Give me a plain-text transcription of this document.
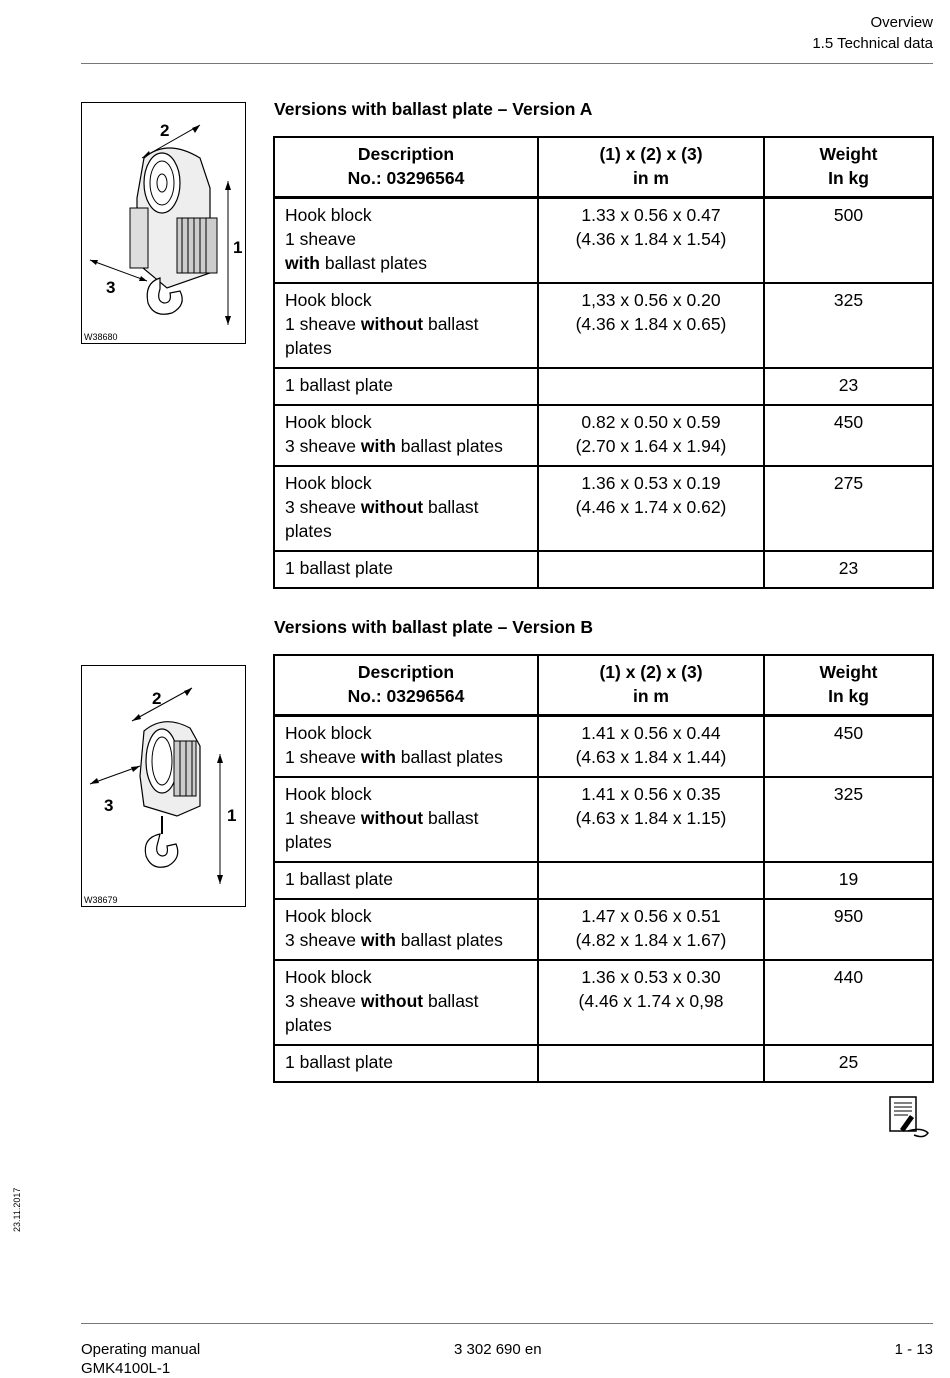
Overview
1.5 Technical data
2
1
3
W38680
Versions with ballast plate – Version A
Description
No.: 03296564	(1) x (2) x (3)
in m	Weight
In kg

Hook block
1 sheave
with ballast plates	1.33 x 0.56 x 0.47
(4.36 x 1.84 x 1.54)	500

Hook block
1 sheave without ballast
plates	1,33 x 0.56 x 0.20
(4.36 x 1.84 x 0.65)	325
1 ballast plate		23

Hook block
3 sheave with ballast plates	0.82 x 0.50 x 0.59
(2.70 x 1.64 x 1.94)	450

Hook block
3 sheave without ballast
plates	1.36 x 0.53 x 0.19
(4.46 x 1.74 x 0.62)	275
1 ballast plate		23
Versions with ballast plate – Version B
2
1
3
W38679
Description
No.: 03296564	(1) x (2) x (3)
in m	Weight
In kg

Hook block
1 sheave with ballast plates	1.41 x 0.56 x 0.44
(4.63 x 1.84 x 1.44)	450

Hook block
1 sheave without ballast
plates	1.41 x 0.56 x 0.35
(4.63 x 1.84 x 1.15)	325
1 ballast plate		19

Hook block
3 sheave with ballast plates	1.47 x 0.56 x 0.51
(4.82 x 1.84 x 1.67)	950

Hook block
3 sheave without ballast
plates	1.36 x 0.53 x 0.30
(4.46 x 1.74 x 0,98	440
1 ballast plate		25
23.11.2017
Operating manual
GMK4100L-1
3 302 690 en	1 - 13
